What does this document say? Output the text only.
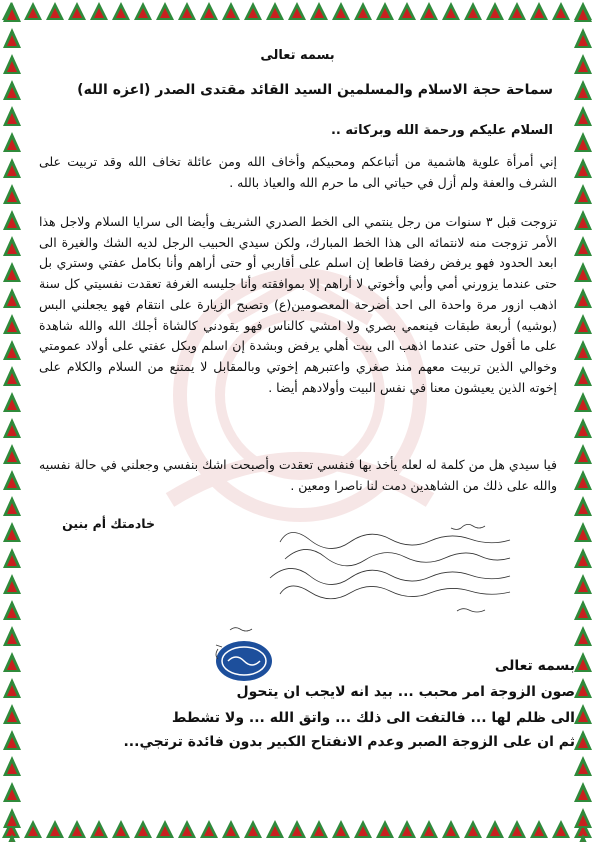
بسمه تعالى
سماحة حجة الاسلام والمسلمين السيد القائد مقتدى الصدر (اعزه الله)
السلام عليكم ورحمة الله وبركاته ..
إني أمرأة علوية هاشمية من أتباعكم ومحبيكم وأخاف الله ومن عائلة تخاف الله وقد تربيت على الشرف والعفة ولم أزل في حياتي الى ما حرم الله والعياذ بالله .
تزوجت قبل ٣ سنوات من رجل ينتمي الى الخط الصدري الشريف وأيضا الى سرايا السلام ولاجل هذا الأمر تزوجت منه لانتمائه الى هذا الخط المبارك، ولكن سيدي الحبيب الرجل لديه الشك والغيرة الى ابعد الحدود فهو يرفض رفضا قاطعا إن اسلم على أقاربي أو حتى أراهم وأنا بكامل عفتي وستري بل حتى عندما يزورني أمي وأبي وأخوتي لا أراهم إلا بموافقته وأنا جليسه الغرفة تعقدت نفسيتي كل سنة اذهب ازور مرة واحدة الى احد أضرحة المعصومين(ع) وتصبح الزيارة على انتقام فهو يجعلني البس (بوشيه) أربعة طبقات فينعمي بصري ولا امشي كالناس فهو يقودني كالشاة أجلك الله والله شاهدة على ما أقول حتى عندما اذهب الى بيت أهلي يرفض وبشدة إن اسلم وبكل عفتي على أولاد عمومتي وخوالي الذين تربيت معهم منذ صغري واعتبرهم إخوتي وبالمقابل لا يمتنع من السلام والكلام على إخوته الذين يعيشون معنا في نفس البيت وأولادهم أيضا .
فيا سيدي هل من كلمة له لعله يأخذ بها فنفسي تعقدت وأصبحت اشك بنفسي وجعلني في حالة نفسيه والله على ذلك من الشاهدين دمت لنا ناصرا ومعين .
خادمتك أم بنين
بسمه تعالى
صون الزوجة امر محبب ... بيد انه لايجب ان يتحول
الى ظلم لها ... فالتفت الى ذلك ... واتق الله ... ولا تشطط
ثم ان على الزوجة الصبر وعدم الانفتاح الكبير بدون فائدة ترتجي...
